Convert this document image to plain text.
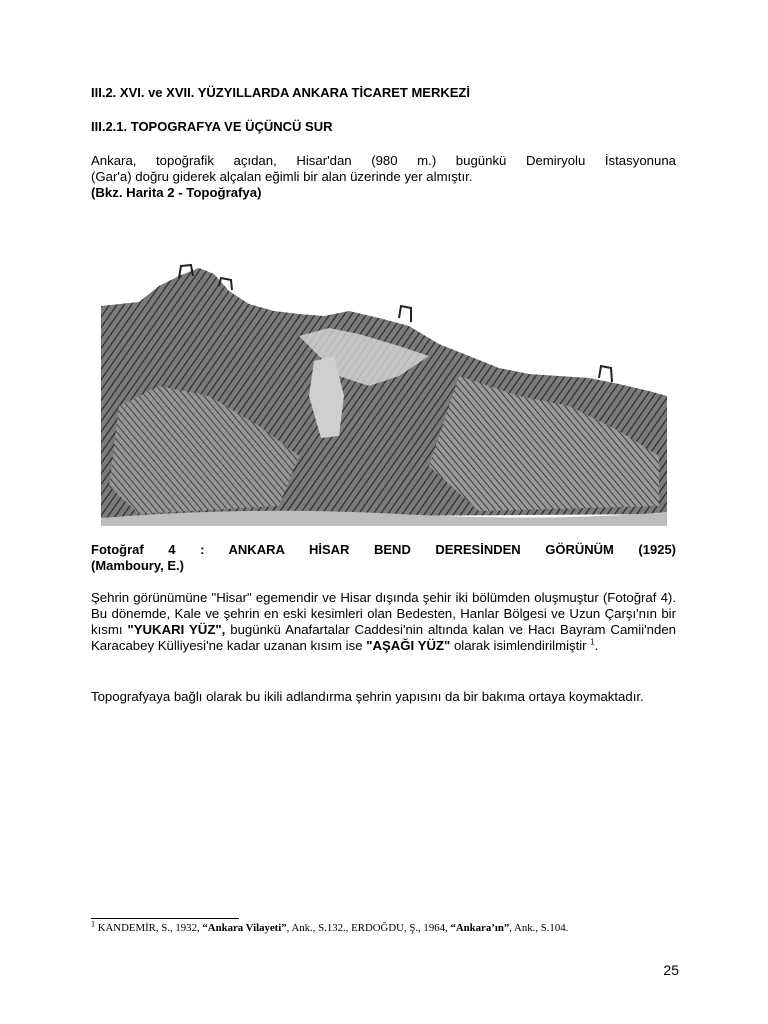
III.2. XVI. ve XVII. YÜZYILLARDA ANKARA TİCARET MERKEZİ
III.2.1. TOPOGRAFYA VE ÜÇÜNCÜ SUR
Ankara, topoğrafik açıdan, Hisar'dan (980 m.) bugünkü Demiryolu İstasyonuna
(Gar'a) doğru giderek alçalan eğimli bir alan üzerinde yer almıştır.
(Bkz. Harita 2 - Topoğrafya)
Fotoğraf 4 : ANKARA HİSAR BEND DERESİNDEN GÖRÜNÜM (1925)
(Mamboury, E.)
Şehrin görünümüne "Hisar" egemendir ve Hisar dışında şehir iki bölümden oluşmuştur (Fotoğraf 4). Bu dönemde, Kale ve şehrin en eski kesimleri olan Bedesten, Hanlar Bölgesi ve Uzun Çarşı'nın bir kısmı "YUKARI YÜZ", bugünkü Anafartalar Caddesi'nin altında kalan ve Hacı Bayram Camii'nden Karacabey Külliyesi'ne kadar uzanan kısım ise "AŞAĞI YÜZ" olarak isimlendirilmiştir $^1$.
Topografyaya bağlı olarak bu ikili adlandırma şehrin yapısını da bir bakıma ortaya koymaktadır.
$^1$ KANDEMİR, S., 1932, “Ankara Vilayeti”, Ank., S.132., ERDOĞDU, Ş., 1964, “Ankara’ın”, Ank., S.104.
25
